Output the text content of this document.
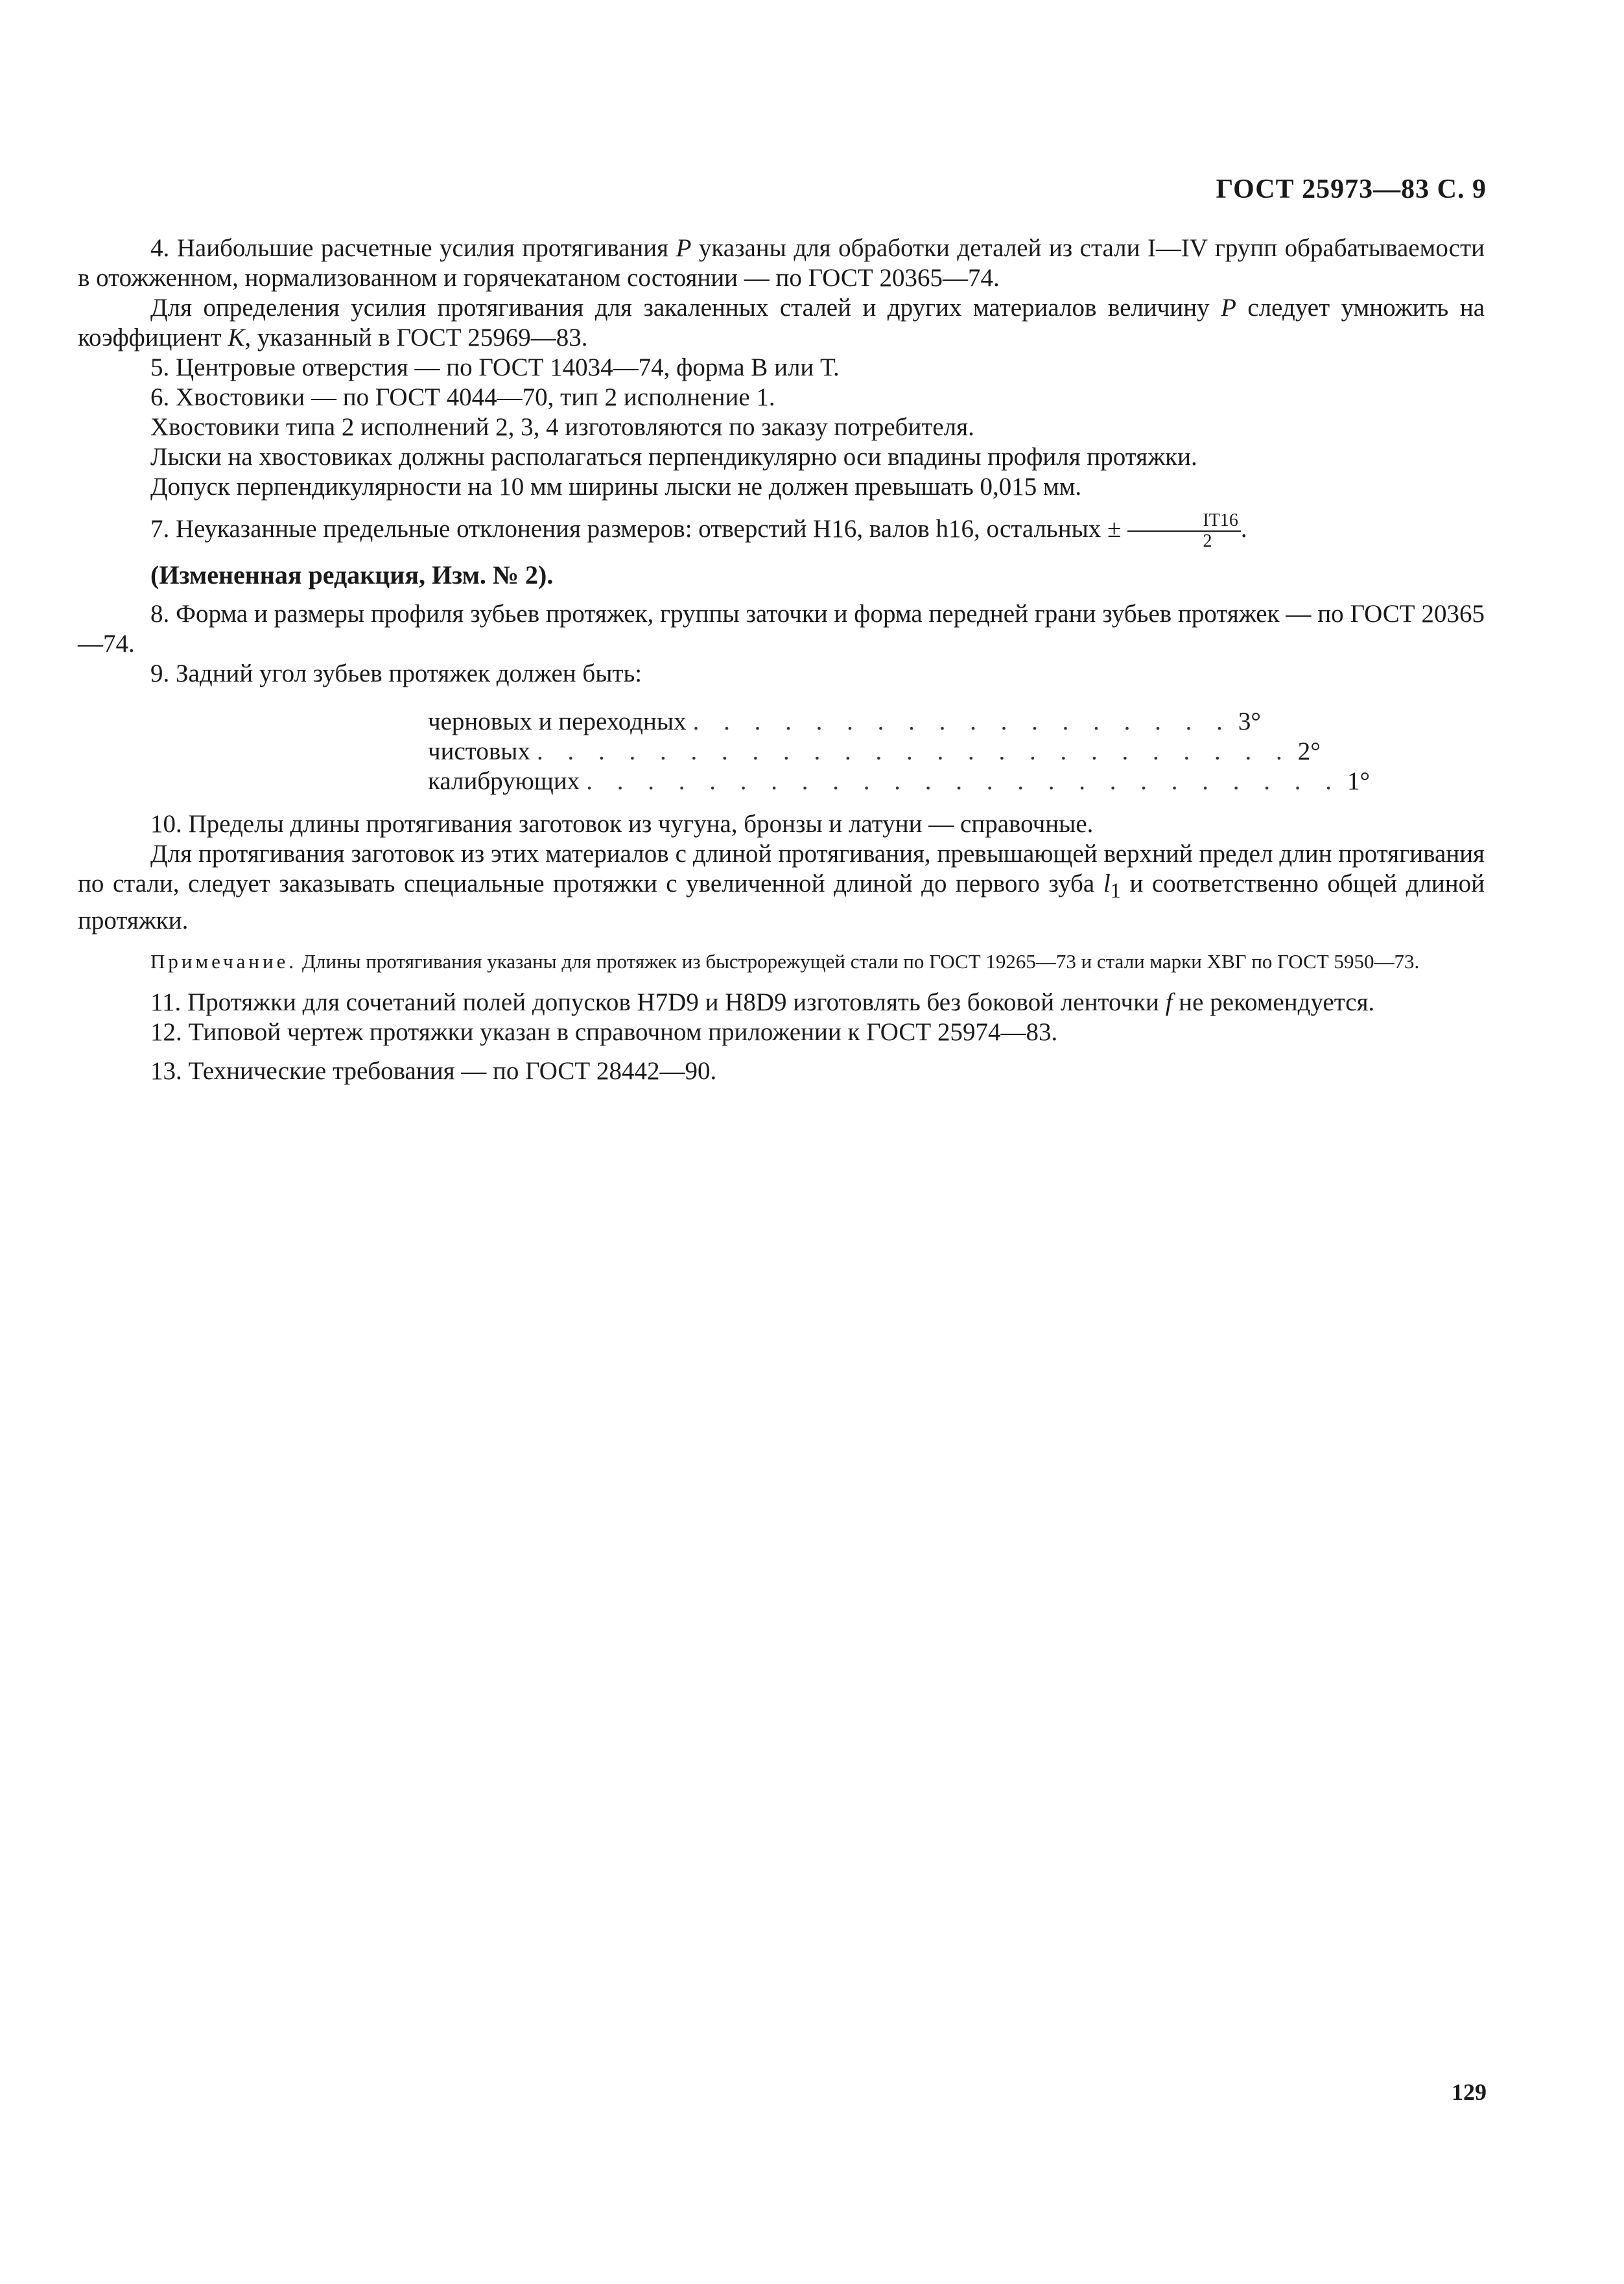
ГОСТ 25973—83 С. 9

4. Наибольшие расчетные усилия протягивания P указаны для обработки деталей из стали I—IV групп обрабатываемости в отожженном, нормализованном и горячекатаном состоянии — по ГОСТ 20365—74.

Для определения усилия протягивания для закаленных сталей и других материалов величину P следует умножить на коэффициент K, указанный в ГОСТ 25969—83.

5. Центровые отверстия — по ГОСТ 14034—74, форма В или Т.

6. Хвостовики — по ГОСТ 4044—70, тип 2 исполнение 1.

Хвостовики типа 2 исполнений 2, 3, 4 изготовляются по заказу потребителя.

Лыски на хвостовиках должны располагаться перпендикулярно оси впадины профиля протяжки.

Допуск перпендикулярности на 10 мм ширины лыски не должен превышать 0,015 мм.

7. Неуказанные предельные отклонения размеров: отверстий Н16, валов h16, остальных ± $\frac{IT16}{2}$ .

(Измененная редакция, Изм. № 2).

8. Форма и размеры профиля зубьев протяжек, группы заточки и форма передней грани зубьев протяжек — по ГОСТ 20365—74.

9. Задний угол зубьев протяжек должен быть:

черновых и переходных . . . . . . . . . . . . . . . . . . 3°
чистовых . . . . . . . . . . . . . . . . . . . . . . . . . 2°
калибрующих . . . . . . . . . . . . . . . . . . . . . . . . . 1°

10. Пределы длины протягивания заготовок из чугуна, бронзы и латуни — справочные.

Для протягивания заготовок из этих материалов с длиной протягивания, превышающей верхний предел длин протягивания по стали, следует заказывать специальные протяжки с увеличенной длиной до первого зуба $l_1$ и соответственно общей длиной протяжки.

Примечание. Длины протягивания указаны для протяжек из быстрорежущей стали по ГОСТ 19265—73 и стали марки ХВГ по ГОСТ 5950—73.

11. Протяжки для сочетаний полей допусков H7D9 и H8D9 изготовлять без боковой ленточки f не рекомендуется.

12. Типовой чертеж протяжки указан в справочном приложении к ГОСТ 25974—83.

13. Технические требования — по ГОСТ 28442—90.

129
